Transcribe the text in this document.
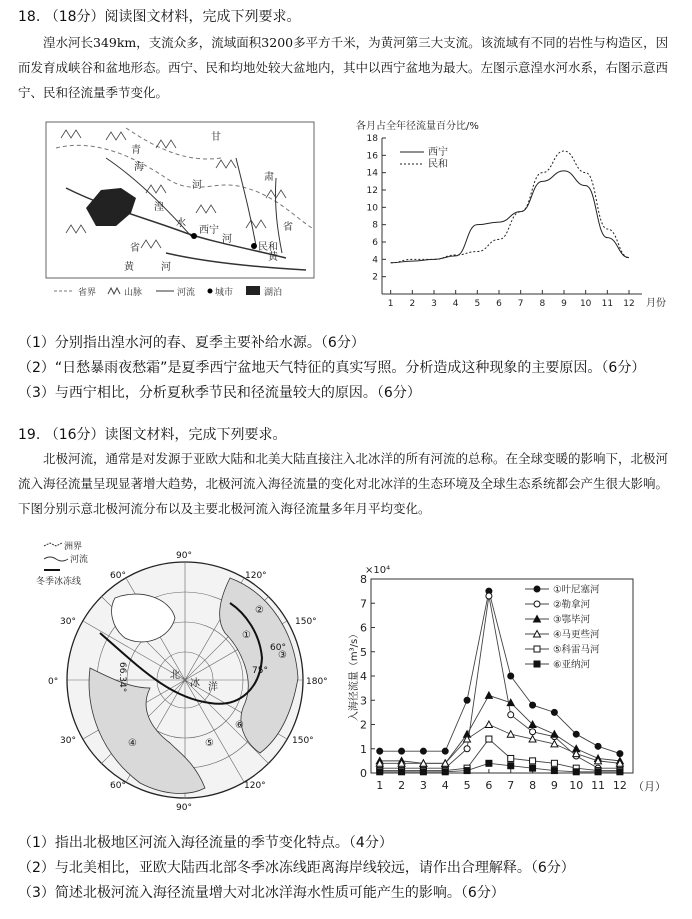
18. （18分）阅读图文材料，完成下列要求。
湟水河长349km，支流众多，流域面积3200多平方千米，为黄河第三大支流。该流域有不同的岩性与构造区，因而发育成峡谷和盆地形态。西宁、民和均地处较大盆地内，其中以西宁盆地为最大。左图示意湟水河水系，右图示意西宁、民和径流量季节变化。
甘
青
肃
海
河
湟
水
西宁
河
省
民和
黄
省
黄	河
省界	山脉	河流 城市	湖泊
各月占全年径流量百分比/%
月份
2
4
6
8
10
12
14
16
18
1 2 3 4 5 6 7 8 9 10 11 12
西宁
民和
（1）分别指出湟水河的春、夏季主要补给水源。（6分）
（2）“日愁暴雨夜愁霜”是夏季西宁盆地天气特征的真实写照。分析造成这种现象的主要原因。（6分）
（3）与西宁相比，分析夏秋季节民和径流量较大的原因。（6分）
19. （16分）读图文材料，完成下列要求。
北极河流，通常是对发源于亚欧大陆和北美大陆直接注入北冰洋的所有河流的总称。在全球变暖的影响下，北极河流入海径流量呈现显著增大趋势，北极河流入海径流量的变化对北冰洋的生态环境及全球生态系统都会产生很大影响。下图分别示意北极河流分布以及主要北极河流入海径流量多年月平均变化。
洲界
河流
冬季冰冻线
北
冰 洋
①
②
③
④	⑤
⑥
90°
60°	120°
30°	150°
0°	180°
30°	150°
60°	120°
90°
60°
75°
66.34°
×10⁴
入海径流量（m³/s）
（月）
0
1
2
3
4
5
6
7
8
1 2 3 4 5 6 7 8 9 10 11 12
①叶尼塞河
②勒拿河
③鄂毕河
④马更些河
⑤科雷马河
⑥亚纳河
（1）指出北极地区河流入海径流量的季节变化特点。（4分）
（2）与北美相比，亚欧大陆西北部冬季冰冻线距离海岸线较远，请作出合理解释。（6分）
（3）简述北极河流入海径流量增大对北冰洋海水性质可能产生的影响。（6分）
